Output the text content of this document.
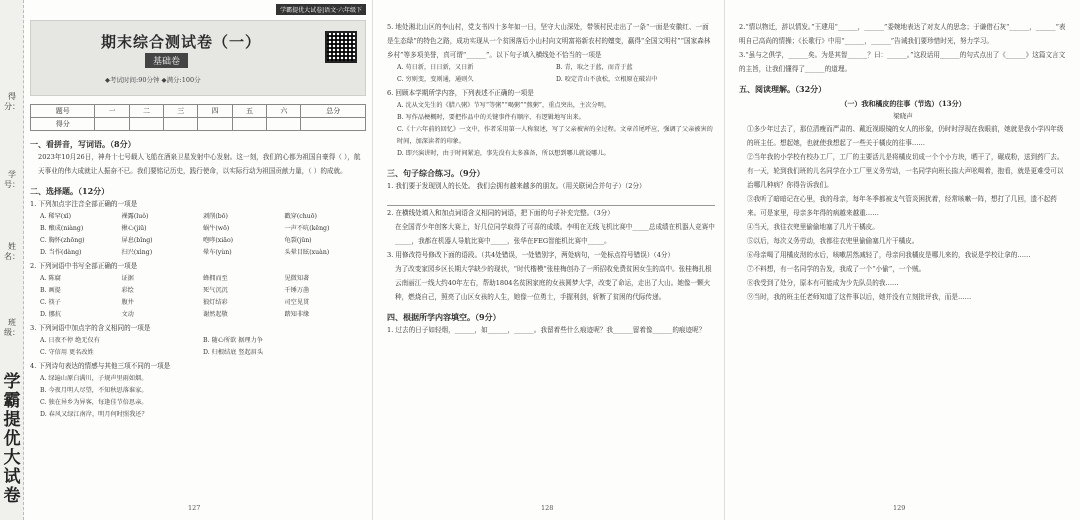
得分：
学号：
姓名：
班级：
学霸提优大试卷
学霸提优大试卷|语文·六年级下
期末综合测试卷（一）
基础卷
◆考试时间:90分钟 ◆满分:100分
题号	一	二	三	四	五	六	总分
得分							
一、看拼音，写词语。（8分）
2023年10月26日，神舟十七号载人飞船在酒泉卫星发射中心发射。这一刻，我们的心都为祖国自豪得（ ），航天事业的伟大成就让人振奋不已。我们要铭记历史，践行使命，以实际行动为祖国贡献力量，（ ）的成就。
二、选择题。（12分）
1. 下列加点字注音全部正确的一项是
A. 稀罕(xī)	裸露(luǒ)	剥削(bō)	戳穿(chuō)
B. 酿成(niàng)	揪心(jiū)	蜗牛(wō)	一声不吭(kēng)
C. 胸怀(zhōng)	屏息(bǐng)	咆哮(xiāo)	龟裂(jūn)
D. 当作(dàng)	扫兴(xìng)	晕车(yùn)	头晕目眩(xuàn)
2. 下列词语中书写全部正确的一项是
A. 陈腐	证据	蜂拥而至	见微知著
B. 画提	彩绘	死气沉沉	千锤万凿
C. 筷子	腹井	狼灯结彩	司空见贯
D. 挪抗	文动	谢然起敬	踏知非缘
3. 下列词语中加点字的含义相同的一项是
A. 日夜不停 绝无仅有	B. 随心所欲 据理力争
C. 守信用 更名改姓	D. 归根结底 竖起眉头
4. 下列诗句表达的情感与其他三项不同的一项是
A. 绿遍山原白满川，子规声里雨如烟。
B. 今夜月明人尽望，不知秋思落谁家。
C. 独在异乡为异客，每逢佳节倍思亲。
D. 春风又绿江南岸，明月何时照我还？
127
5. 地处湘北山区的李山村，党支书四十多年如一日，坚守大山深处，带领村民走出了一条“一面是安徽红、一面是生态绿”的特色之路，成功实现从一个贫困落后小山村向文明富裕新农村的嬗变，赢得“全国文明村”“国家森林乡村”等多项美誉，真可谓“______”。以下句子填入横线处不恰当的一项是
A. 苟日新，日日新，又日新	B. 青，取之于蓝，而青于蓝
C. 穷则变，变则通，通则久	D. 咬定青山不放松，立根原在破岩中
6. 回顾本学期所学内容，下列表述不正确的一项是
A. 沈从文先生的《腊八粥》节写“等粥”“喝粥”“熬粥”，重点突出，主次分明。
B. 写作品梗概时，要把作品中的关键事件有顺序、有逻辑地写出来。
C.《十六年前的回忆》一文中，作者采用第一人称叙述，写了父亲被害的全过程。文章首尾呼应，强调了父亲被害的时间，加深读者的印象。
D. 即兴演讲时，由于时间紧迫，事先没有太多准备，所以想到哪儿就说哪儿。
三、句子综合练习。（9分）
1. 我们要于发现别人的长处。 我们会拥有越来越多的朋友。（用关联词合并句子）（2分）
2. 在横线处填入和加点词语含义相同的词语，把下面的句子补充完整。（3分）
在全国青少年创客大赛上，好几位同学取得了可喜的成绩。李明在无线飞机比赛中_____总成绩在机器人竞赛中_____，我都在机器人导航比赛中_____，张华在FEG智能机比赛中_____。
3. 用修改符号修改下面的语段。（共4处错误，一处错别字，两处病句，一处标点符号错误）（4分）
为了改变家园乡区长期大学缺少的现状，“时代楷模”张桂梅创办了一所招收免费贫困女生的高中。张桂梅扎根云南丽江一线大约40年左右，帮助1804名贫困家庭的女孩圆梦大学，改变了命运，走出了大山。她像一颗火种，燃烧自己，照亮了山区女孩的人生，她像一位勇士，手握利剑，斩断了贫困的代际传递。
四、根据所学内容填空。（9分）
1. 过去的日子如轻烟，______，如______，______。我留着些什么痕迹呢？我______留着像______的痕迹呢？
128
2.“情以物迁，辞以情发。”王建用“______，______”委婉地表达了对友人的思念；于谦借石灰“______，______”表明自己高尚的情操；《长歌行》中用“______，______”告诫我们要珍惜时光，努力学习。
3.“虽与之俱学，______矣。为是其智______？曰：______。”这段话用______的句式点出了《______》这篇文言文的主旨，让我们懂得了______的道理。
五、阅读理解。（32分）
（一）我和橘皮的往事（节选）（13分）
梁晓声
①多少年过去了，那位清瘦而严肃的、戴近视眼镜的女人的形象，仍时时浮现在我眼前，她就是我小学四年级的班主任。想起她，也就使我想起了一些关于橘皮的往事……
②当年我的小学校有校办工厂，工厂的主要活儿是将橘皮切成一个个小方块，晒干了，碾成粉，送到药厂去。有一天，轮到我们班的儿名同学在小工厂里义务劳动，一名同学向班长揣大声吆喝着，抱看，就是更难受可以治哪几种病？你得告诉我们。
③我听了暗暗记在心里，我的母亲，每年冬季都被支气管炎困扰着，经常咳嗽一阵，想打了几回，遗不起药来。可是家里，母亲多年得的病越来越重……
④当天，我往衣兜里偷偷地塞了几片干橘皮。
⑤以后，每次义务劳动，我都往衣兜里偷偷塞几片干橘皮。
⑥母亲喝了用橘皮沏的水后，咳嗽居然减轻了，母亲问我橘皮是哪儿来的，我说是学校让拿的……
⑦不料想，有一名同学的告发，我成了一个“小偷”，一个贼。
⑧我受到了处分，原本有可能成为少先队员的我……
⑨当时，我的班主任老师知道了这件事以后，她并没有立刻批评我，而是……
129
